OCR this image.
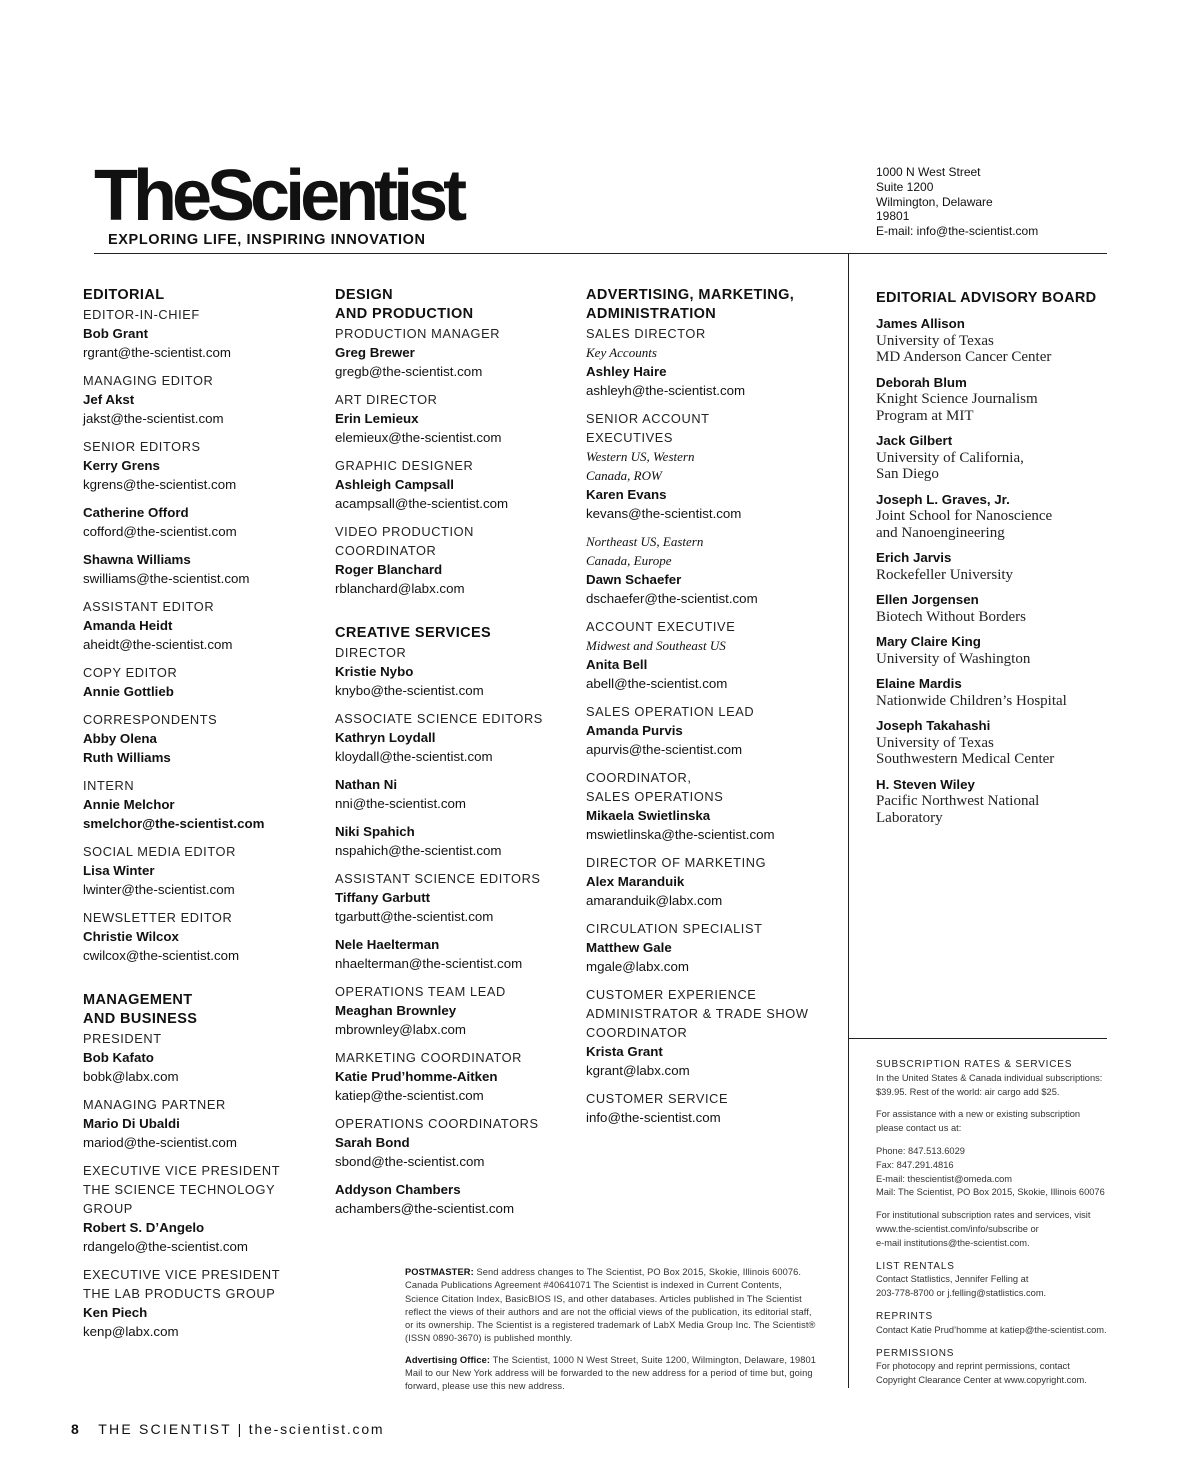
TheScientist
EXPLORING LIFE, INSPIRING INNOVATION
1000 N West Street
Suite 1200
Wilmington, Delaware
19801
E-mail: info@the-scientist.com
EDITORIAL
EDITOR-IN-CHIEF
Bob Grant
rgrant@the-scientist.com
MANAGING EDITOR
Jef Akst
jakst@the-scientist.com
SENIOR EDITORS
Kerry Grens
kgrens@the-scientist.com
Catherine Offord
cofford@the-scientist.com
Shawna Williams
swilliams@the-scientist.com
ASSISTANT EDITOR
Amanda Heidt
aheidt@the-scientist.com
COPY EDITOR
Annie Gottlieb
CORRESPONDENTS
Abby Olena
Ruth Williams
INTERN
Annie Melchor
smelchor@the-scientist.com
SOCIAL MEDIA EDITOR
Lisa Winter
lwinter@the-scientist.com
NEWSLETTER EDITOR
Christie Wilcox
cwilcox@the-scientist.com
MANAGEMENT
AND BUSINESS
PRESIDENT
Bob Kafato
bobk@labx.com
MANAGING PARTNER
Mario Di Ubaldi
mariod@the-scientist.com
EXECUTIVE VICE PRESIDENT
THE SCIENCE TECHNOLOGY
GROUP
Robert S. D’Angelo
rdangelo@the-scientist.com
EXECUTIVE VICE PRESIDENT
THE LAB PRODUCTS GROUP
Ken Piech
kenp@labx.com
DESIGN
AND PRODUCTION
PRODUCTION MANAGER
Greg Brewer
gregb@the-scientist.com
ART DIRECTOR
Erin Lemieux
elemieux@the-scientist.com
GRAPHIC DESIGNER
Ashleigh Campsall
acampsall@the-scientist.com
VIDEO PRODUCTION
COORDINATOR
Roger Blanchard
rblanchard@labx.com
CREATIVE SERVICES
DIRECTOR
Kristie Nybo
knybo@the-scientist.com
ASSOCIATE SCIENCE EDITORS
Kathryn Loydall
kloydall@the-scientist.com
Nathan Ni
nni@the-scientist.com
Niki Spahich
nspahich@the-scientist.com
ASSISTANT SCIENCE EDITORS
Tiffany Garbutt
tgarbutt@the-scientist.com
Nele Haelterman
nhaelterman@the-scientist.com
OPERATIONS TEAM LEAD
Meaghan Brownley
mbrownley@labx.com
MARKETING COORDINATOR
Katie Prud’homme-Aitken
katiep@the-scientist.com
OPERATIONS COORDINATORS
Sarah Bond
sbond@the-scientist.com
Addyson Chambers
achambers@the-scientist.com
ADVERTISING, MARKETING,
ADMINISTRATION
SALES DIRECTOR
Key Accounts
Ashley Haire
ashleyh@the-scientist.com
SENIOR ACCOUNT
EXECUTIVES
Western US, Western
Canada, ROW
Karen Evans
kevans@the-scientist.com
Northeast US, Eastern
Canada, Europe
Dawn Schaefer
dschaefer@the-scientist.com
ACCOUNT EXECUTIVE
Midwest and Southeast US
Anita Bell
abell@the-scientist.com
SALES OPERATION LEAD
Amanda Purvis
apurvis@the-scientist.com
COORDINATOR,
SALES OPERATIONS
Mikaela Swietlinska
mswietlinska@the-scientist.com
DIRECTOR OF MARKETING
Alex Maranduik
amaranduik@labx.com
CIRCULATION SPECIALIST
Matthew Gale
mgale@labx.com
CUSTOMER EXPERIENCE
ADMINISTRATOR & TRADE SHOW
COORDINATOR
Krista Grant
kgrant@labx.com
CUSTOMER SERVICE
info@the-scientist.com
EDITORIAL ADVISORY BOARD
James Allison
University of Texas
MD Anderson Cancer Center
Deborah Blum
Knight Science Journalism
Program at MIT
Jack Gilbert
University of California,
San Diego
Joseph L. Graves, Jr.
Joint School for Nanoscience
and Nanoengineering
Erich Jarvis
Rockefeller University
Ellen Jorgensen
Biotech Without Borders
Mary Claire King
University of Washington
Elaine Mardis
Nationwide Children’s Hospital
Joseph Takahashi
University of Texas
Southwestern Medical Center
H. Steven Wiley
Pacific Northwest National
Laboratory
SUBSCRIPTION RATES & SERVICES
In the United States & Canada individual subscriptions:
$39.95. Rest of the world: air cargo add $25.
For assistance with a new or existing subscription
please contact us at:
Phone: 847.513.6029
Fax: 847.291.4816
E-mail: thescientist@omeda.com
Mail: The Scientist, PO Box 2015, Skokie, Illinois 60076
For institutional subscription rates and services, visit
www.the-scientist.com/info/subscribe or
e-mail institutions@the-scientist.com.
LIST RENTALS
Contact Statlistics, Jennifer Felling at
203-778-8700 or j.felling@statlistics.com.
REPRINTS
Contact Katie Prud’homme at katiep@the-scientist.com.
PERMISSIONS
For photocopy and reprint permissions, contact
Copyright Clearance Center at www.copyright.com.
POSTMASTER: Send address changes to The Scientist, PO Box 2015, Skokie, Illinois 60076.
Canada Publications Agreement #40641071 The Scientist is indexed in Current Contents,
Science Citation Index, BasicBIOS IS, and other databases. Articles published in The Scientist
reflect the views of their authors and are not the official views of the publication, its editorial staff,
or its ownership. The Scientist is a registered trademark of LabX Media Group Inc. The Scientist®
(ISSN 0890-3670) is published monthly.
Advertising Office: The Scientist, 1000 N West Street, Suite 1200, Wilmington, Delaware, 19801
Mail to our New York address will be forwarded to the new address for a period of time but, going
forward, please use this new address.
8 THE SCIENTIST | the-scientist.com
